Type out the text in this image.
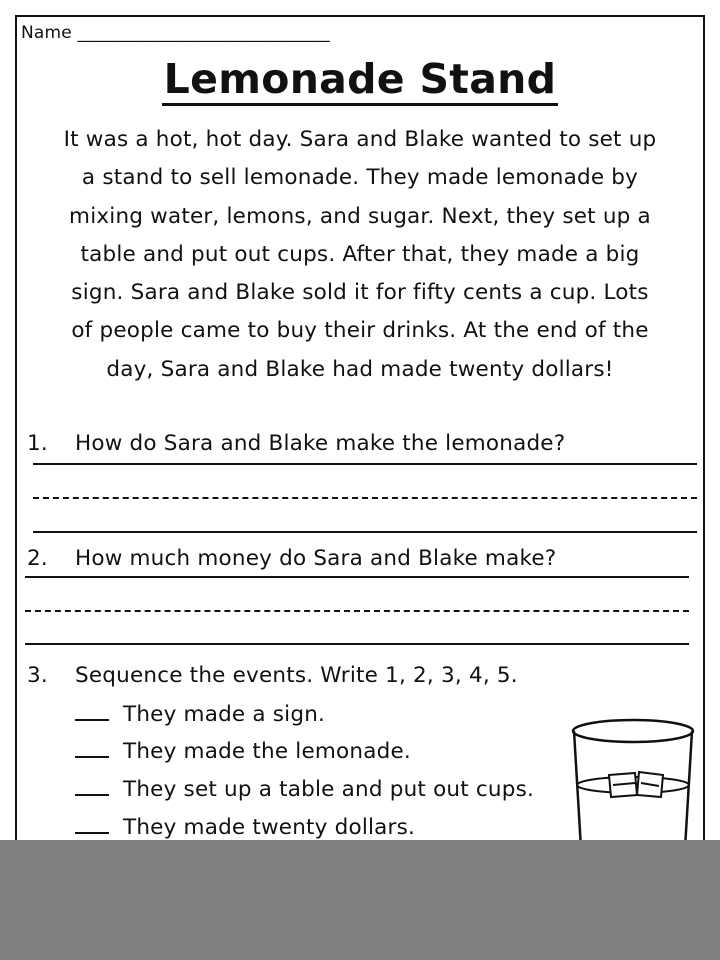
Name _____________________________
Lemonade Stand
It was a hot, hot day. Sara and Blake wanted to set up
a stand to sell lemonade. They made lemonade by
mixing water, lemons, and sugar. Next, they set up a
table and put out cups. After that, they made a big
sign. Sara and Blake sold it for fifty cents a cup. Lots
of people came to buy their drinks. At the end of the
day, Sara and Blake had made twenty dollars!
1. How do Sara and Blake make the lemonade?
2. How much money do Sara and Blake make?
3. Sequence the events. Write 1, 2, 3, 4, 5.
They made a sign.
They made the lemonade.
They set up a table and put out cups.
They made twenty dollars.
